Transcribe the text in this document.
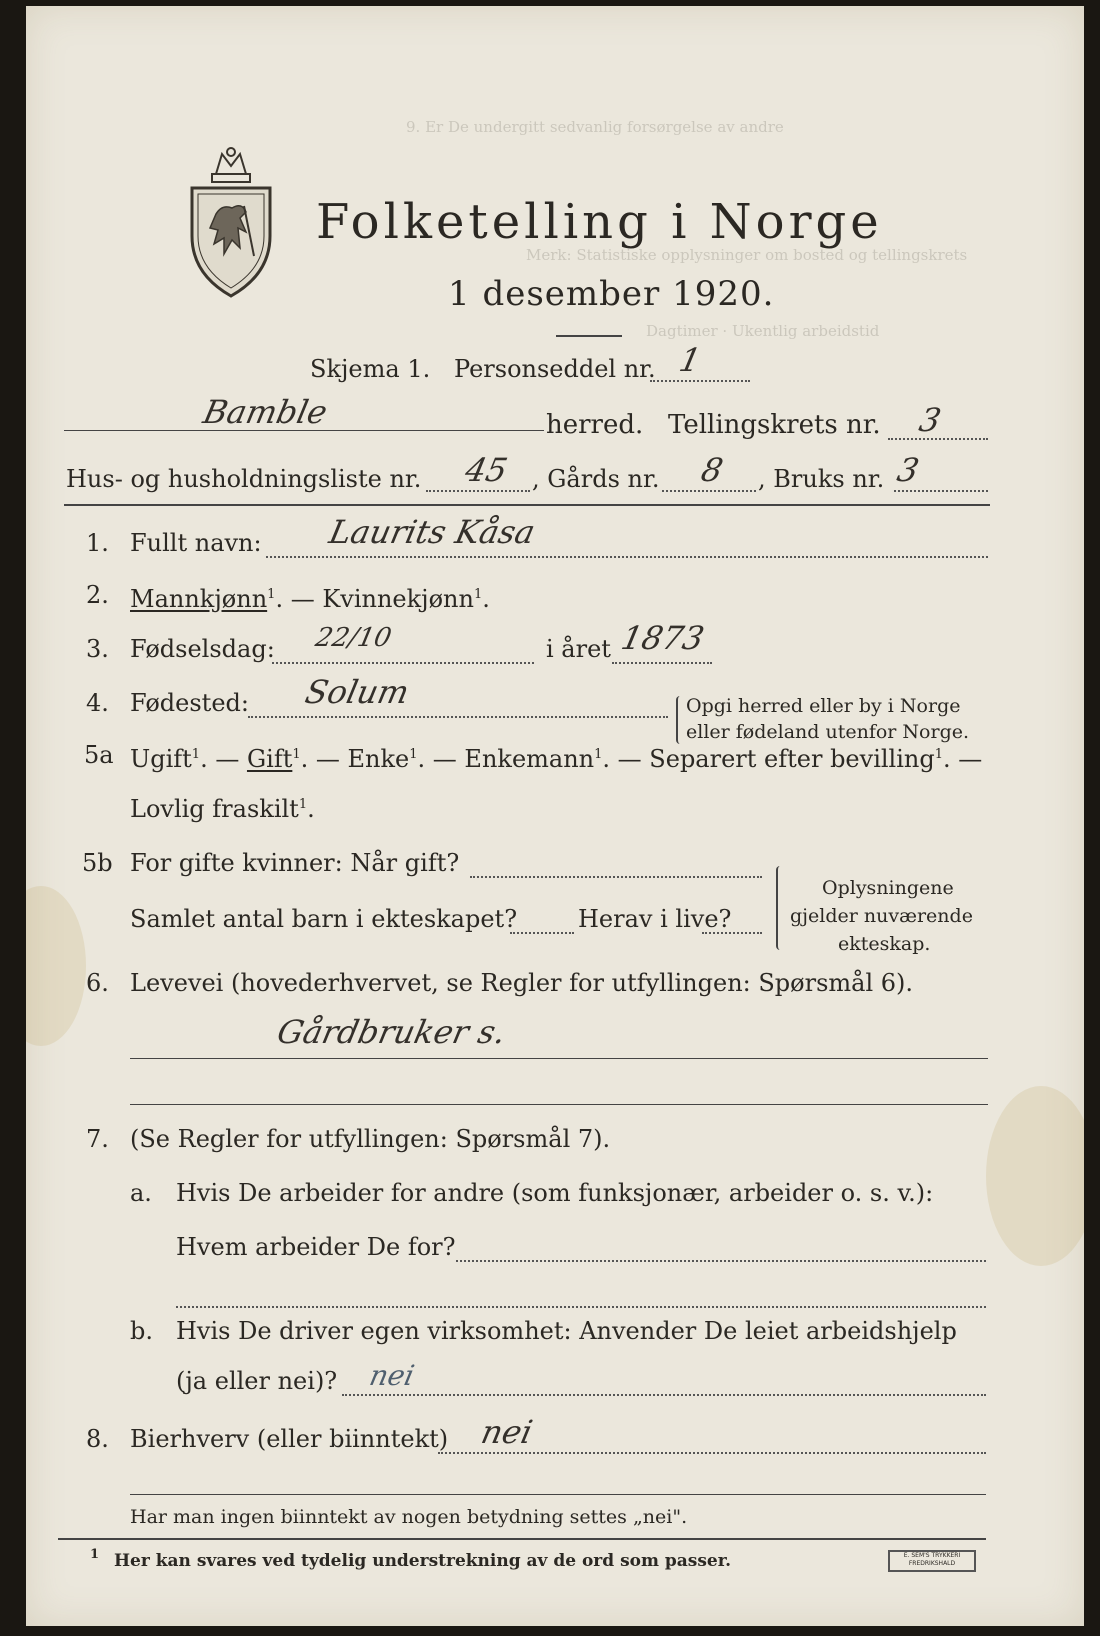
9. Er De undergitt sedvanlig forsørgelse av andre
Merk: Statistiske opplysninger om bosted og tellingskrets
Dagtimer · Ukentlig arbeidstid
Folketelling i Norge
1 desember 1920.
Skjema 1. Personseddel nr. 1
Bamble	herred. Tellingskrets nr. 3
Hus- og husholdningsliste nr. 45 , Gårds nr. 8 , Bruks nr. 3
1. Fullt navn: Laurits Kåsa
2. Mannkjønn$^1$. — Kvinnekjønn$^1$.
3. Fødselsdag: 22/10	i året 1873
4. Fødested: Solum	Opgi herred eller by i Norge
eller fødeland utenfor Norge.
5a Ugift$^1$. — Gift$^1$. — Enke$^1$. — Enkemann$^1$. — Separert efter bevilling$^1$. —
Lovlig fraskilt$^1$.
5b For gifte kvinner: Når gift?
Samlet antal barn i ekteskapet?	Herav i live?
Oplysningene
gjelder nuværende
ekteskap.
6. Levevei (hovederhvervet, se Regler for utfyllingen: Spørsmål 6).
Gårdbruker s.
7. (Se Regler for utfyllingen: Spørsmål 7).
a. Hvis De arbeider for andre (som funksjonær, arbeider o. s. v.):
Hvem arbeider De for?
b. Hvis De driver egen virksomhet: Anvender De leiet arbeidshjelp
(ja eller nei)? nei
8. Bierhverv (eller biinntekt) nei
Har man ingen biinntekt av nogen betydning settes „nei".
1 Her kan svares ved tydelig understrekning av de ord som passer.	E. SEM'S TRYKKERI FREDRIKSHALD
